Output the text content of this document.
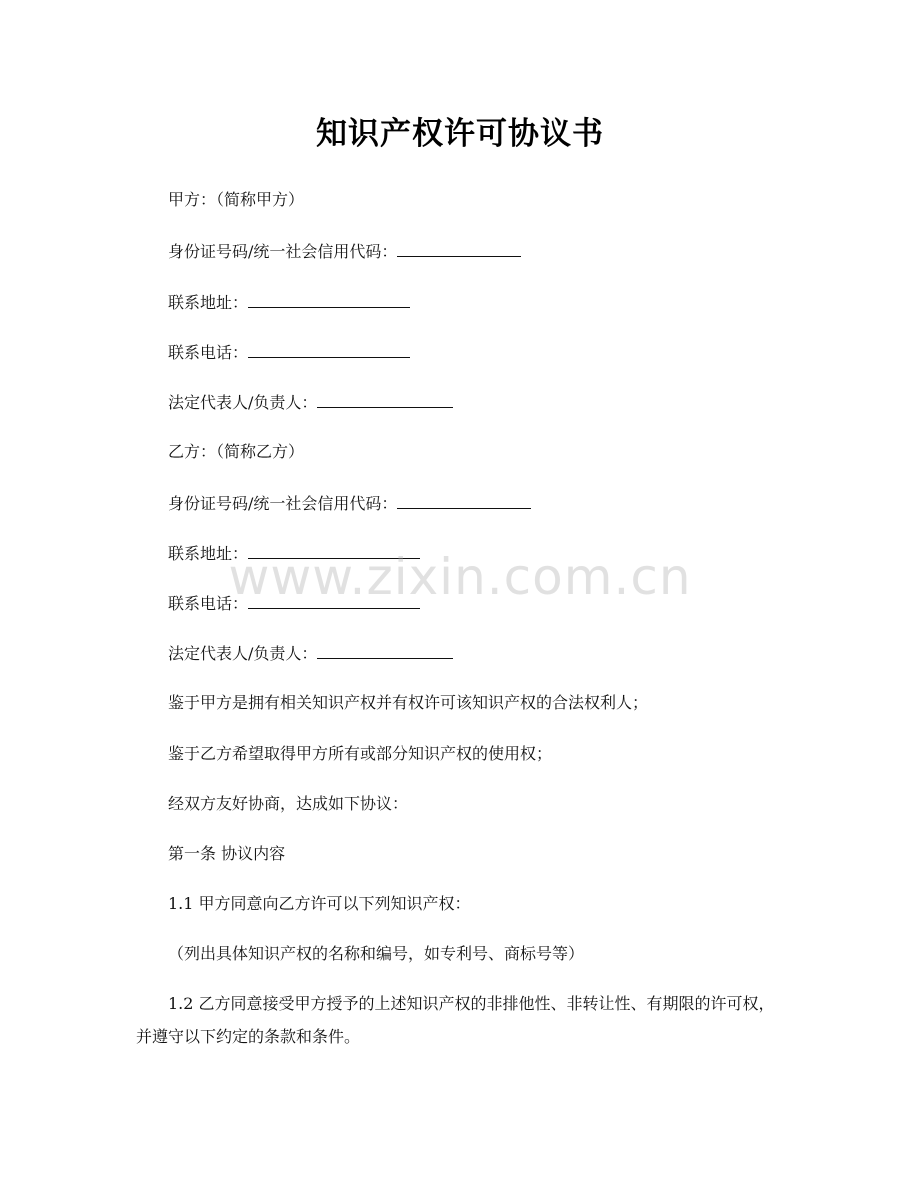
知识产权许可协议书
甲方：（简称甲方）
身份证号码/统一社会信用代码：
联系地址：
联系电话：
法定代表人/负责人：
乙方：（简称乙方）
身份证号码/统一社会信用代码：
联系地址：
联系电话：
法定代表人/负责人：
鉴于甲方是拥有相关知识产权并有权许可该知识产权的合法权利人；
鉴于乙方希望取得甲方所有或部分知识产权的使用权；
经双方友好协商，达成如下协议：
第一条 协议内容
1.1 甲方同意向乙方许可以下列知识产权：
（列出具体知识产权的名称和编号，如专利号、商标号等）
1.2 乙方同意接受甲方授予的上述知识产权的非排他性、非转让性、有期限的许可权，并遵守以下约定的条款和条件。
www.zixin.com.cn
